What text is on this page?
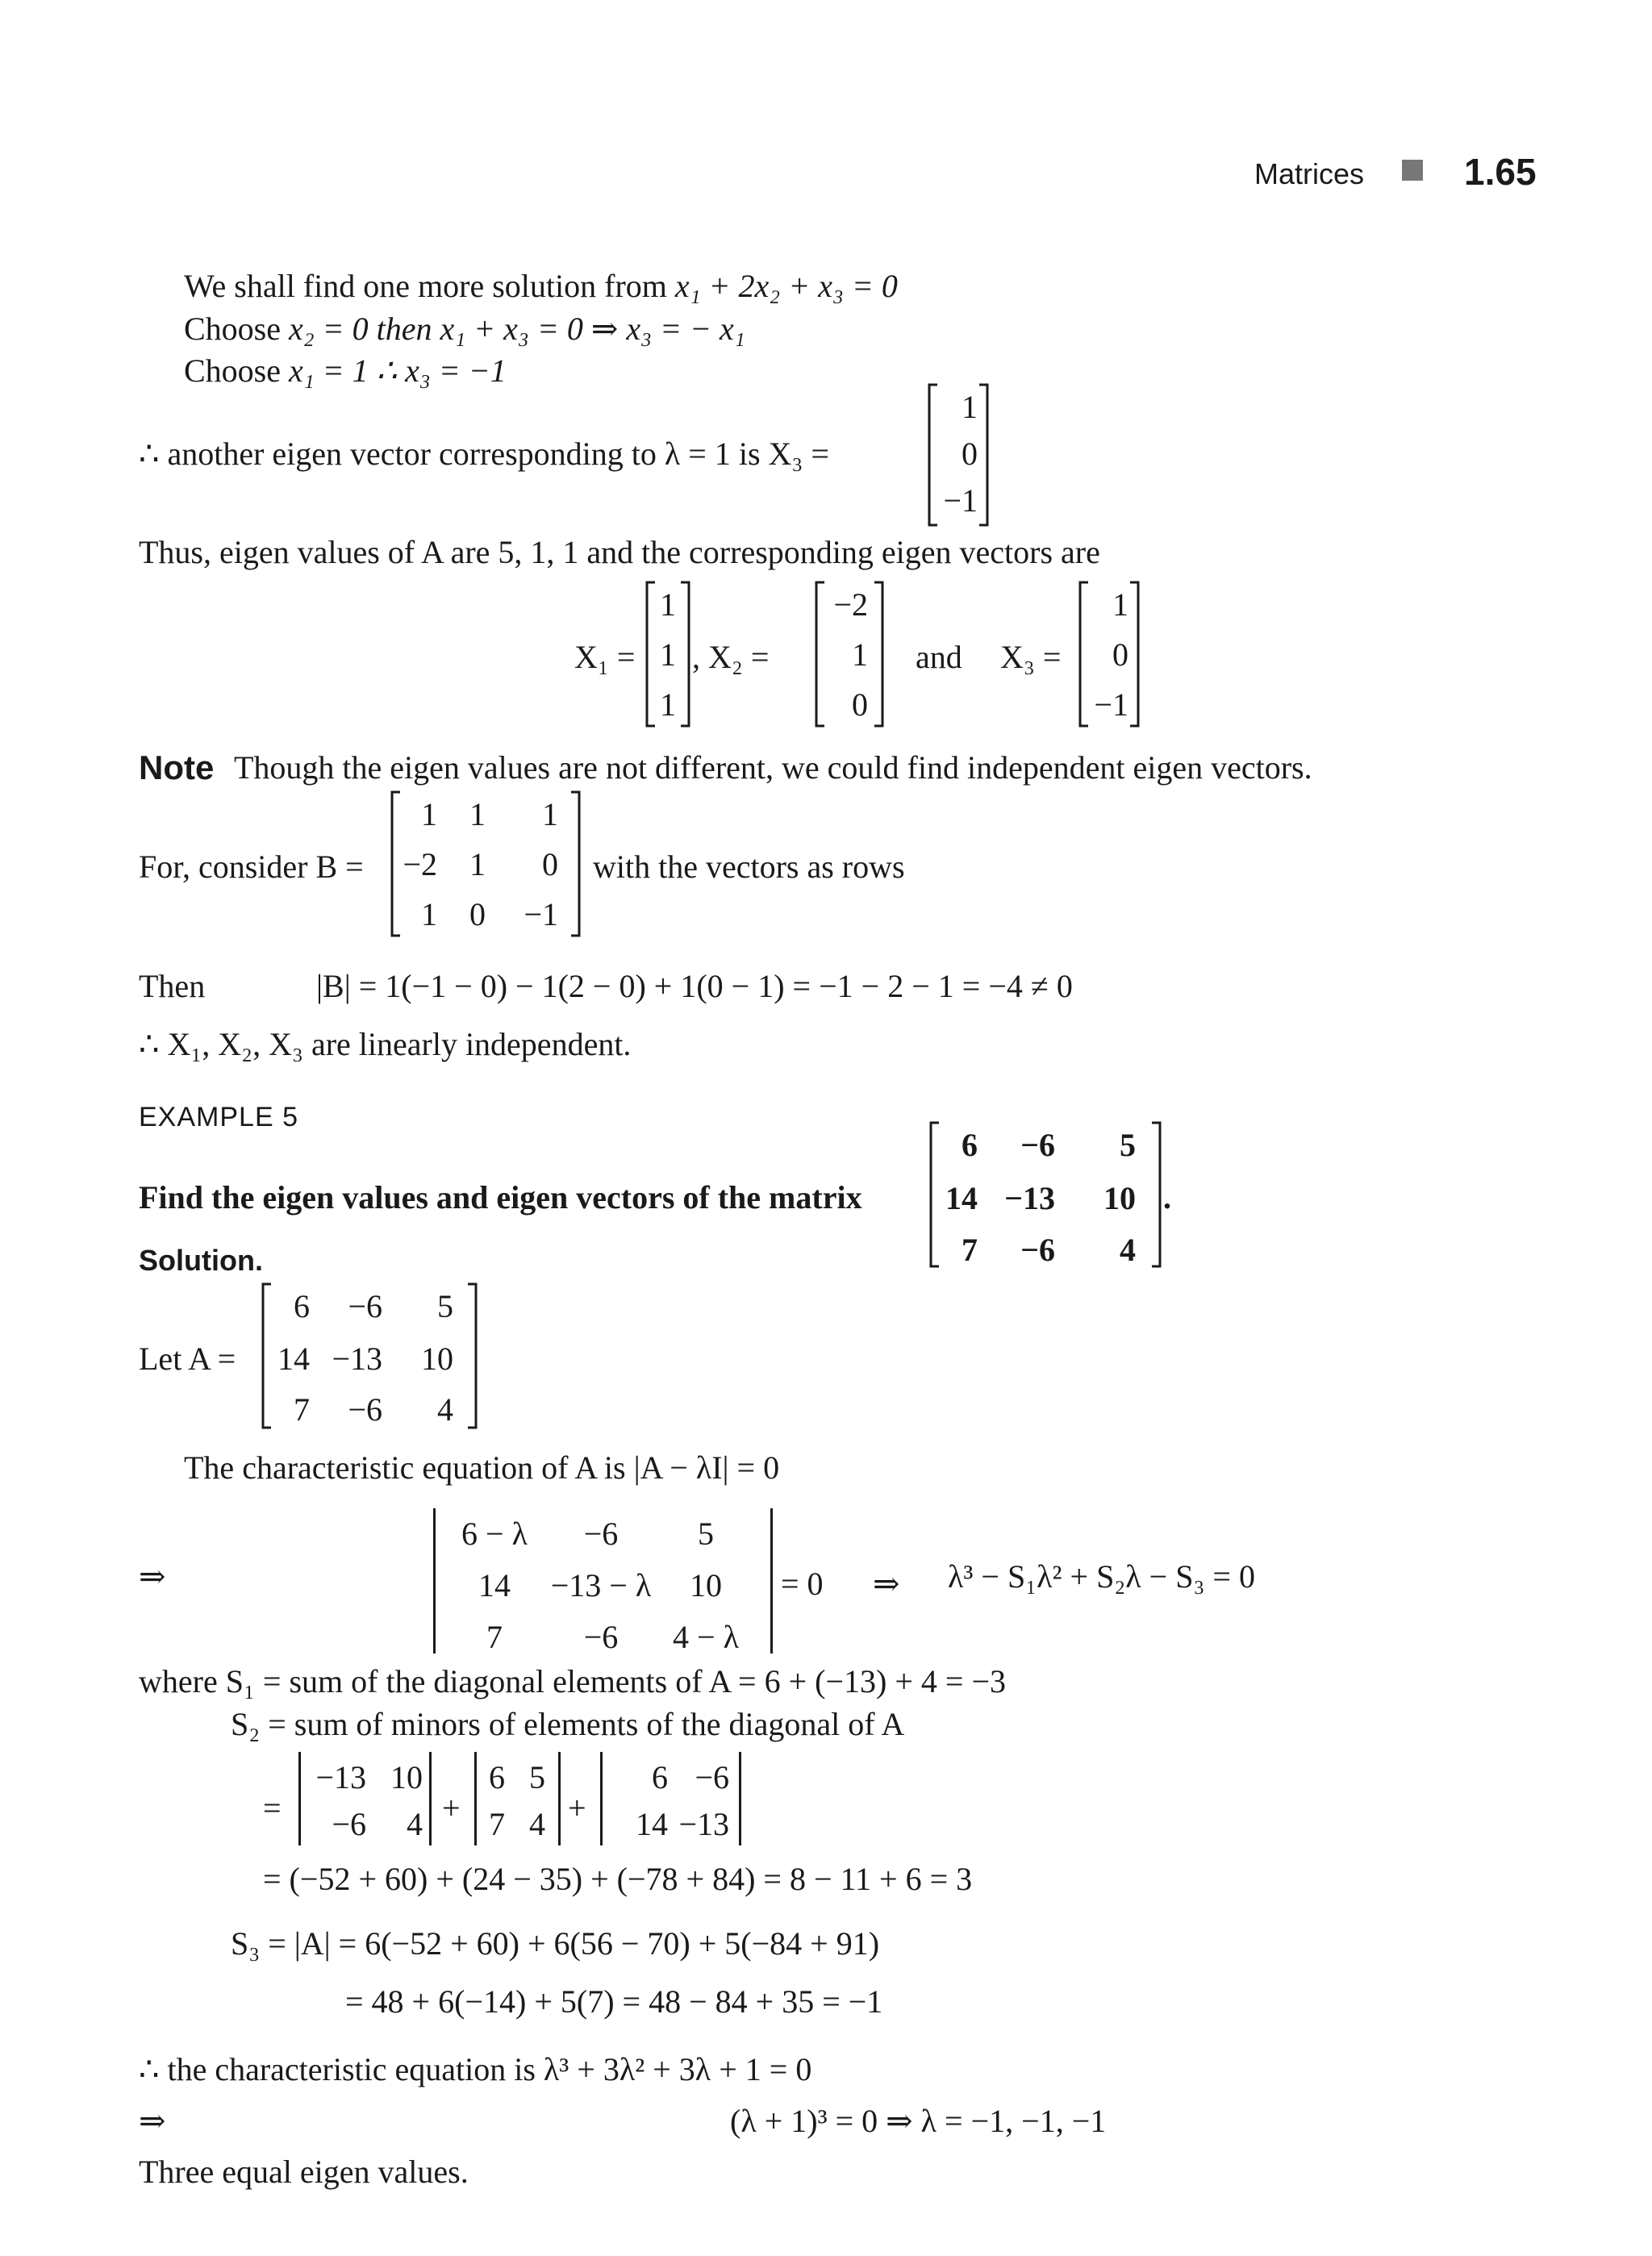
Matrices	1.65
We shall find one more solution from x₁ + 2x₂ + x₃ = 0
Choose x₂ = 0 then x₁ + x₃ = 0 ⇒ x₃ = − x₁
Choose x₁ = 1 ∴ x₃ = −1
∴ another eigen vector corresponding to λ = 1 is X₃ =
1
0
−1
Thus, eigen values of A are 5, 1, 1 and the corresponding eigen vectors are
X₁ =
1
1
1
, X₂ =
−2
1
0
and X₃ =
1
0
−1
Note Though the eigen values are not different, we could find independent eigen vectors.
For, consider B =
1	1	1
−2	1	0
1	0	−1
with the vectors as rows
Then	|B| = 1(−1 − 0) − 1(2 − 0) + 1(0 − 1) = −1 − 2 − 1 = −4 ≠ 0
∴ X₁, X₂, X₃ are linearly independent.
EXAMPLE 5
Find the eigen values and eigen vectors of the matrix
6	−6	5
14 −13	10
7	−6	4
.
Solution.
Let A =
6	−6	5
14 −13	10
7	−6	4
The characteristic equation of A is |A − λI| = 0
⇒
6 − λ	−6	5
14	−13 − λ	10
7	−6	4 − λ
= 0 ⇒ λ³ − S₁λ² + S₂λ − S₃ = 0
where S₁ = sum of the diagonal elements of A = 6 + (−13) + 4 = −3
S₂ = sum of minors of elements of the diagonal of A
=
−13 10
−6	4 +
6 5
7 4 +
6 −6
14 −13
= (−52 + 60) + (24 − 35) + (−78 + 84) = 8 − 11 + 6 = 3
S₃ = |A| = 6(−52 + 60) + 6(56 − 70) + 5(−84 + 91)
= 48 + 6(−14) + 5(7) = 48 − 84 + 35 = −1
∴ the characteristic equation is λ³ + 3λ² + 3λ + 1 = 0
⇒	(λ + 1)³ = 0 ⇒ λ = −1, −1, −1
Three equal eigen values.
